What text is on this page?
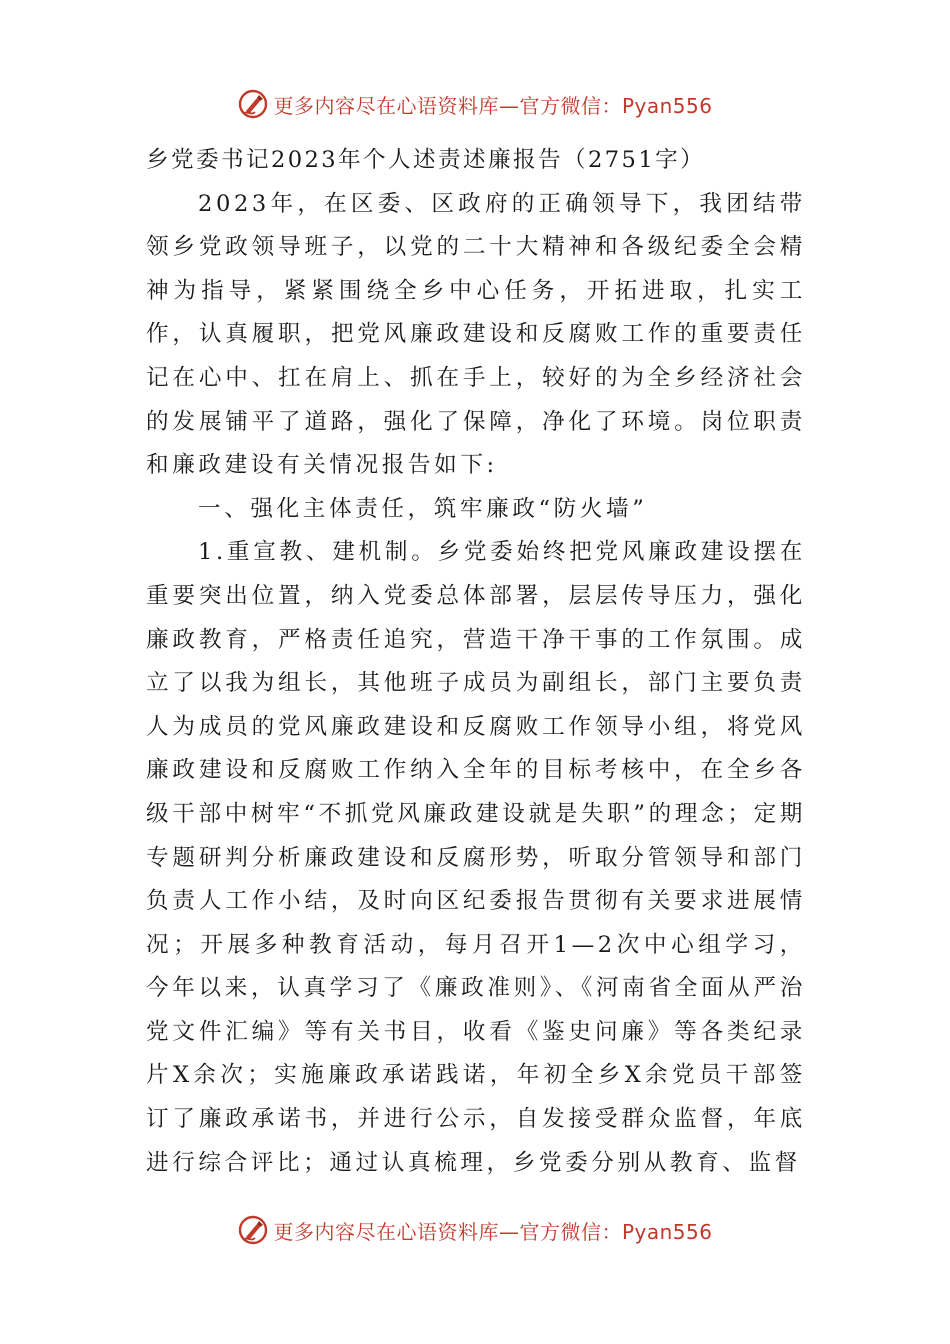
更多内容尽在心语资料库—官方微信：Pyan556

乡党委书记2023年个人述责述廉报告（2751字）

2023年，在区委、区政府的正确领导下，我团结带领乡党政领导班子，以党的二十大精神和各级纪委全会精神为指导，紧紧围绕全乡中心任务，开拓进取，扎实工作，认真履职，把党风廉政建设和反腐败工作的重要责任记在心中、扛在肩上、抓在手上，较好的为全乡经济社会的发展铺平了道路，强化了保障，净化了环境。岗位职责和廉政建设有关情况报告如下:

一、强化主体责任，筑牢廉政“防火墙”

1.重宣教、建机制。乡党委始终把党风廉政建设摆在重要突出位置，纳入党委总体部署，层层传导压力，强化廉政教育，严格责任追究，营造干净干事的工作氛围。成立了以我为组长，其他班子成员为副组长，部门主要负责人为成员的党风廉政建设和反腐败工作领导小组，将党风廉政建设和反腐败工作纳入全年的目标考核中，在全乡各级干部中树牢“不抓党风廉政建设就是失职”的理念；定期专题研判分析廉政建设和反腐形势，听取分管领导和部门负责人工作小结，及时向区纪委报告贯彻有关要求进展情况；开展多种教育活动，每月召开1—2次中心组学习，今年以来，认真学习了《廉政准则》、《河南省全面从严治党文件汇编》等有关书目，收看《鉴史问廉》等各类纪录片X余次；实施廉政承诺践诺，年初全乡X余党员干部签订了廉政承诺书，并进行公示，自发接受群众监督，年底进行综合评比；通过认真梳理，乡党委分别从教育、监督

更多内容尽在心语资料库—官方微信：Pyan556
